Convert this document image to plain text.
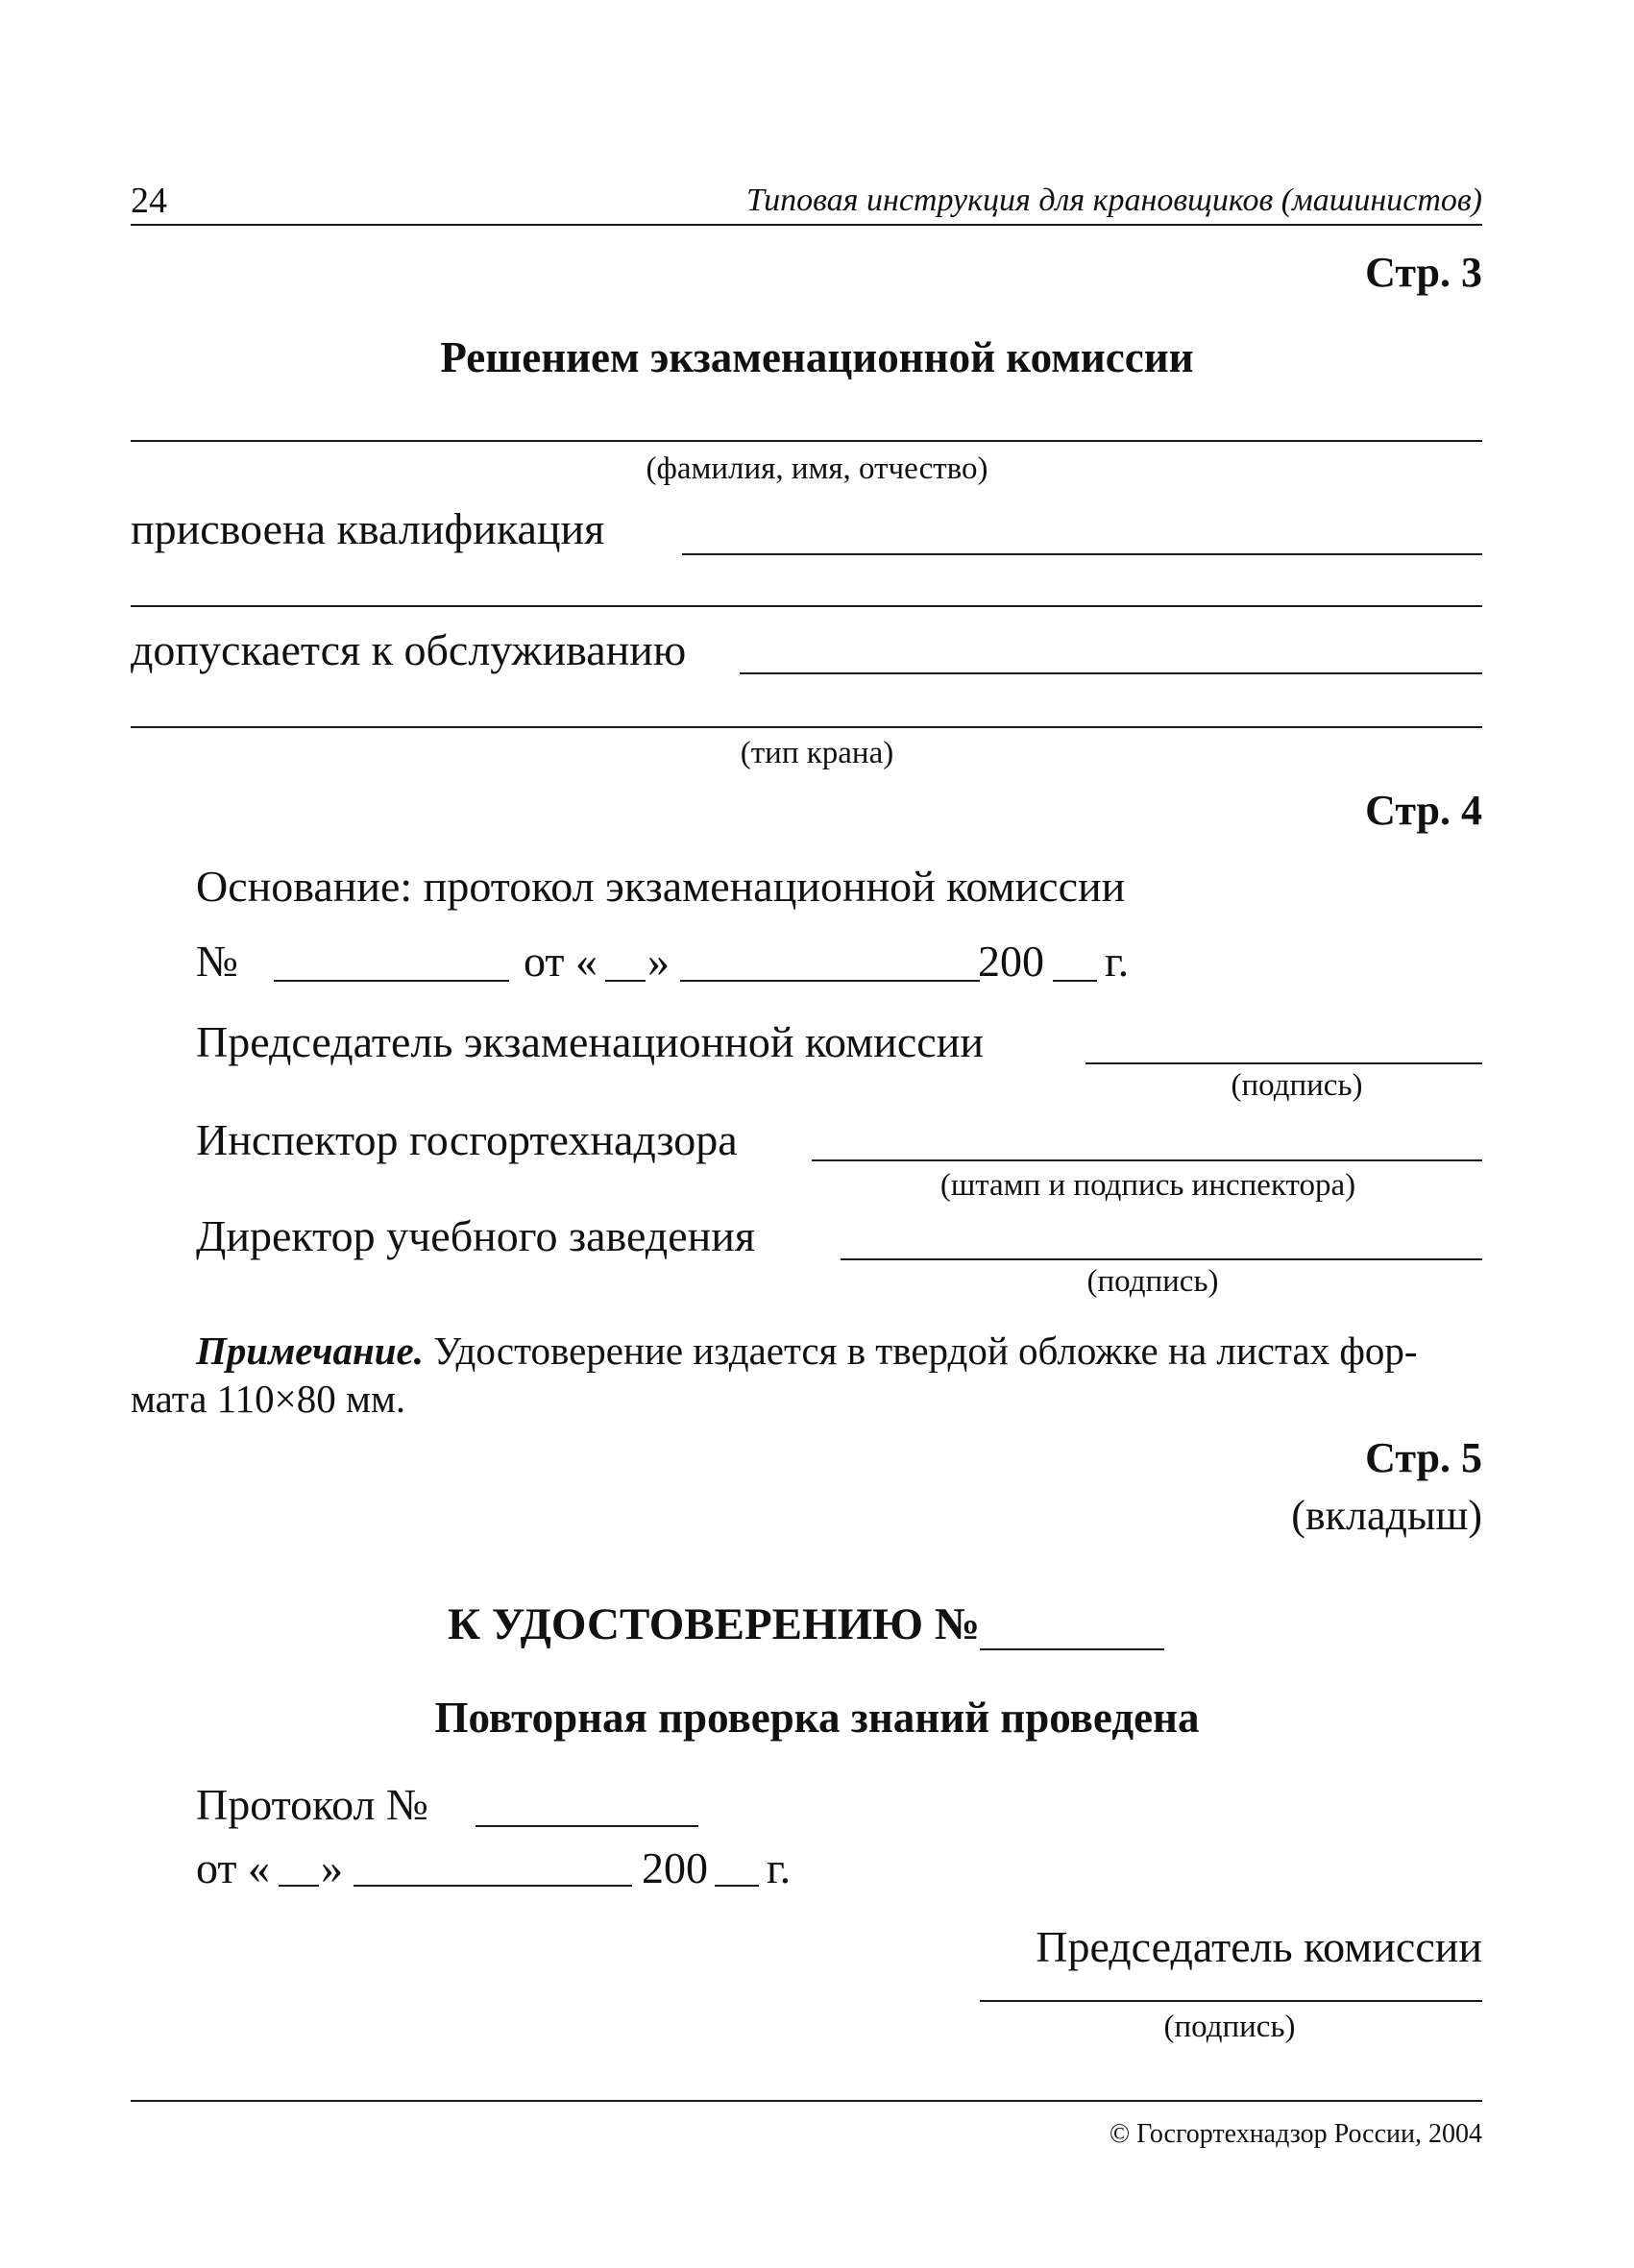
24	Типовая инструкция для крановщиков (машинистов)
Стр. 3
Решением экзаменационной комиссии
(фамилия, имя, отчество)
присвоена квалификация
допускается к обслуживанию
(тип крана)
Стр. 4
Основание: протокол экзаменационной комиссии
№	от « »	200 г.
Председатель экзаменационной комиссии
(подпись)
Инспектор госгортехнадзора
(штамп и подпись инспектора)
Директор учебного заведения
(подпись)
Примечание. Удостоверение издается в твердой обложке на листах фор-
мата 110×80 мм.
Стр. 5
(вкладыш)
К УДОСТОВЕРЕНИЮ №
Повторная проверка знаний проведена
Протокол №
от « »	200 г.
Председатель комиссии
(подпись)
© Госгортехнадзор России, 2004
